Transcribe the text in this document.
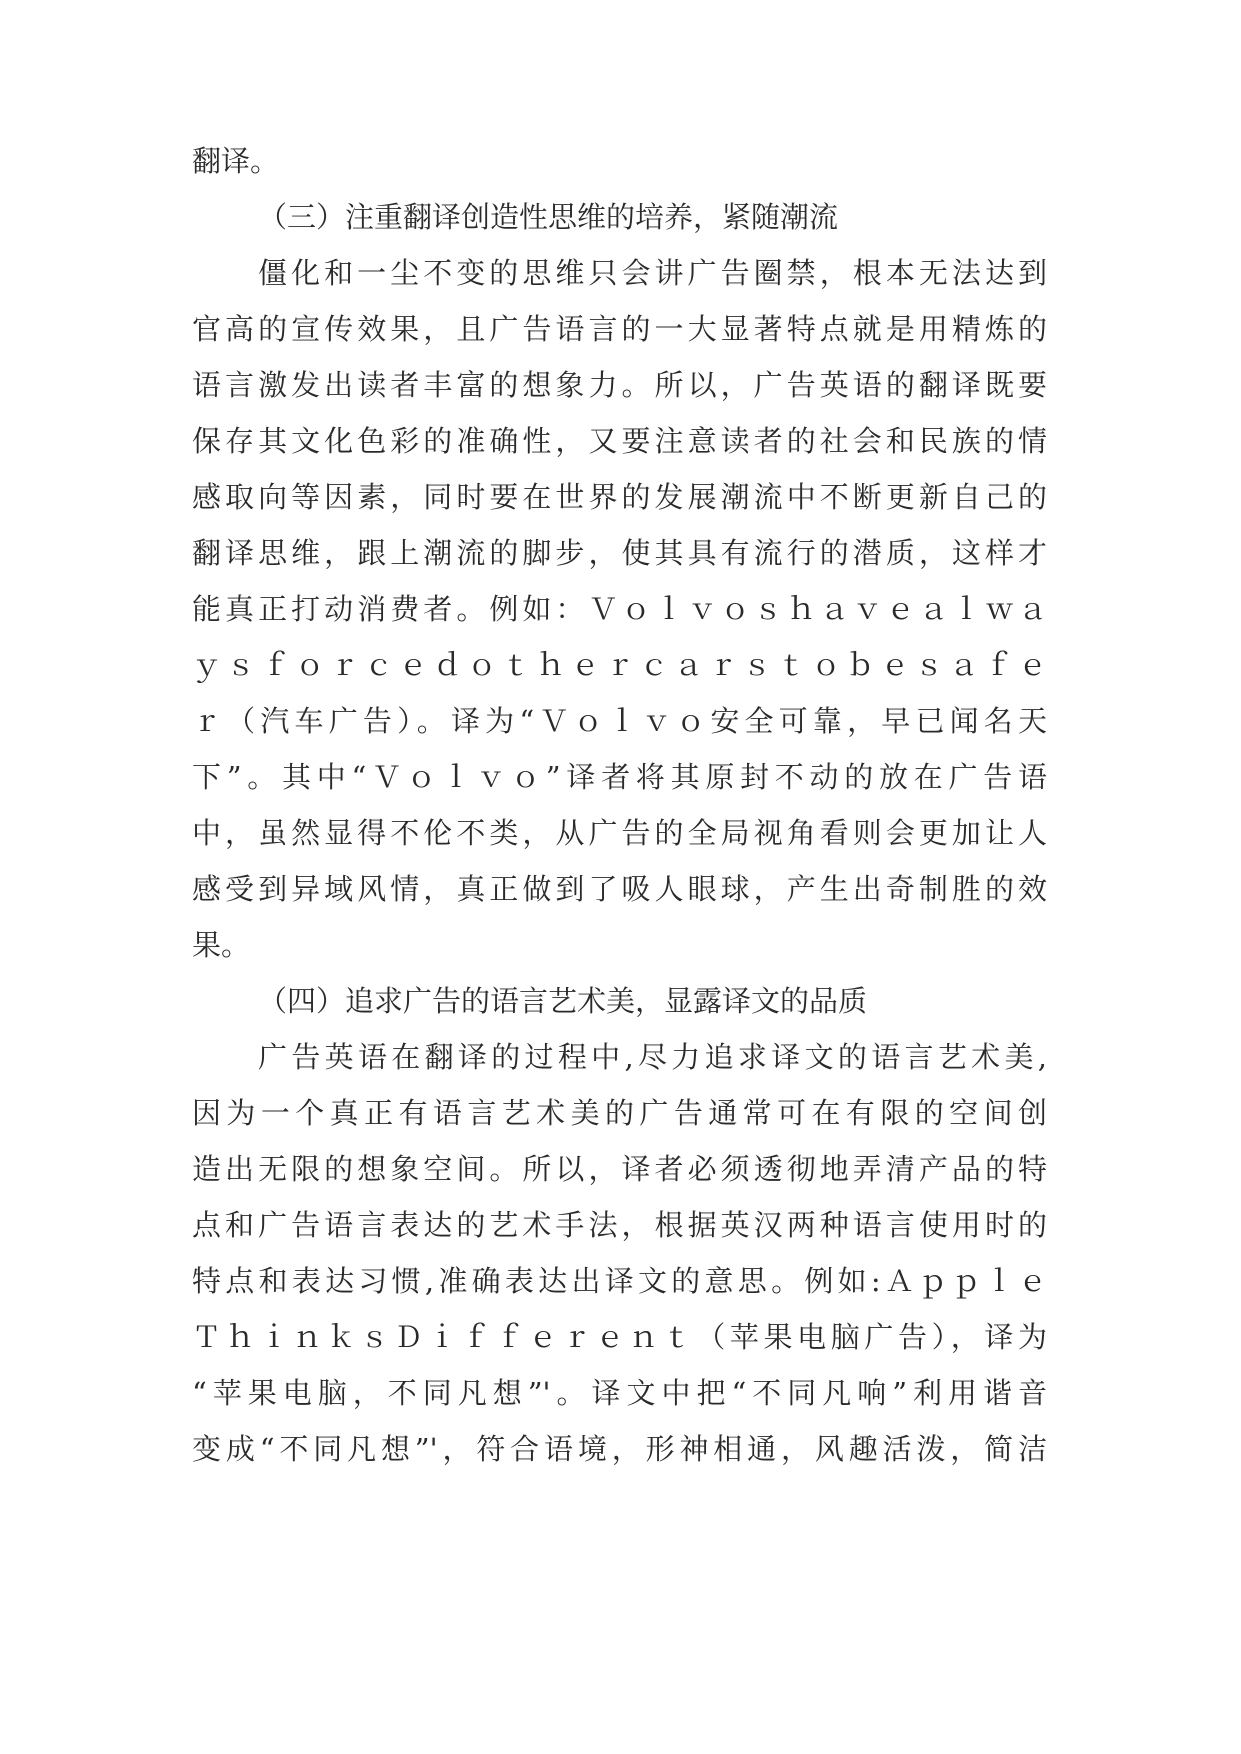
翻译。
（三）注重翻译创造性思维的培养，紧随潮流
僵化和一尘不变的思维只会讲广告圈禁，根本无法达到
官高的宣传效果，且广告语言的一大显著特点就是用精炼的
语言激发出读者丰富的想象力。所以，广告英语的翻译既要
保存其文化色彩的准确性，又要注意读者的社会和民族的情
感取向等因素，同时要在世界的发展潮流中不断更新自己的
翻译思维，跟上潮流的脚步，使其具有流行的潜质，这样才
能真正打动消费者。例如：Ｖｏｌｖｏｓｈａｖｅａｌｗａ
ｙｓｆｏｒｃｅｄｏｔｈｅｒｃａｒｓｔｏｂｅｓａｆｅ
ｒ（汽车广告）。译为“Ｖｏｌｖｏ安全可靠，早已闻名天
下”。其中“Ｖｏｌｖｏ”译者将其原封不动的放在广告语
中，虽然显得不伦不类，从广告的全局视角看则会更加让人
感受到异域风情，真正做到了吸人眼球，产生出奇制胜的效
果。
（四）追求广告的语言艺术美，显露译文的品质
广告英语在翻译的过程中,尽力追求译文的语言艺术美,
因为一个真正有语言艺术美的广告通常可在有限的空间创
造出无限的想象空间。所以，译者必须透彻地弄清产品的特
点和广告语言表达的艺术手法，根据英汉两种语言使用时的
特点和表达习惯,准确表达出译文的意思。例如:Ａｐｐｌｅ
ＴｈｉｎｋｓＤｉｆｆｅｒｅｎｔ（苹果电脑广告），译为
“苹果电脑，不同凡想”'。译文中把“不同凡响”利用谐音
变成“不同凡想”'，符合语境，形神相通，风趣活泼，简洁
